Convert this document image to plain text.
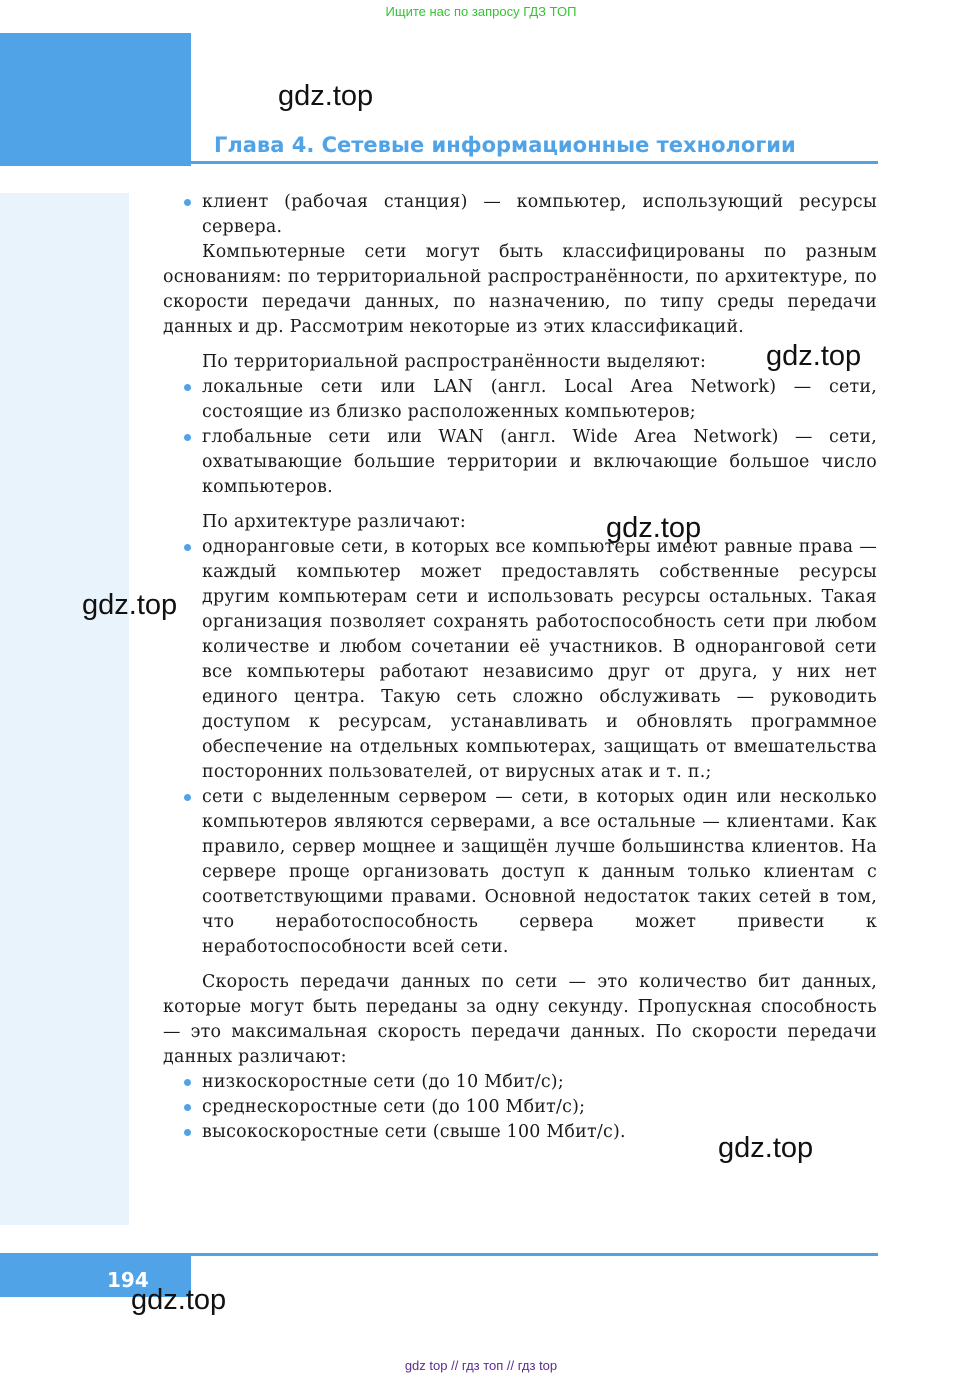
Ищите нас по запросу ГДЗ ТОП
Глава 4. Сетевые информационные технологии
клиент (рабочая станция) — компьютер, использующий ресурсы сервера.

Компьютерные сети могут быть классифицированы по разным основаниям: по территориальной распространённости, по архитектуре, по скорости передачи данных, по назначению, по типу среды передачи данных и др. Рассмотрим некоторые из этих классификаций.

По территориальной распространённости выделяют:

локальные сети или LAN (англ. Local Area Network) — сети, состоящие из близко расположенных компьютеров;
глобальные сети или WAN (англ. Wide Area Network) — сети, охватывающие большие территории и включающие большое число компьютеров.

По архитектуре различают:

одноранговые сети, в которых все компьютеры имеют равные права — каждый компьютер может предоставлять собственные ресурсы другим компьютерам сети и использовать ресурсы остальных. Такая организация позволяет сохранять работоспособность сети при любом количестве и любом сочетании её участников. В одноранговой сети все компьютеры работают независимо друг от друга, у них нет единого центра. Такую сеть сложно обслуживать — руководить доступом к ресурсам, устанавливать и обновлять программное обеспечение на отдельных компьютерах, защищать от вмешательства посторонних пользователей, от вирусных атак и т. п.;
сети с выделенным сервером — сети, в которых один или несколько компьютеров являются серверами, а все остальные — клиентами. Как правило, сервер мощнее и защищён лучше большинства клиентов. На сервере проще организовать доступ к данным только клиентам с соответствующими правами. Основной недостаток таких сетей в том, что неработоспособность сервера может привести к неработоспособности всей сети.

Скорость передачи данных по сети — это количество бит данных, которые могут быть переданы за одну секунду. Пропускная способность — это максимальная скорость передачи данных. По скорости передачи данных различают:

низкоскоростные сети (до 10 Мбит/с);
среднескоростные сети (до 100 Мбит/с);
высокоскоростные сети (свыше 100 Мбит/с).
gdz.top
gdz.top
gdz.top
gdz.top
gdz.top
194
gdz.top
gdz top // гдз топ // гдз top
